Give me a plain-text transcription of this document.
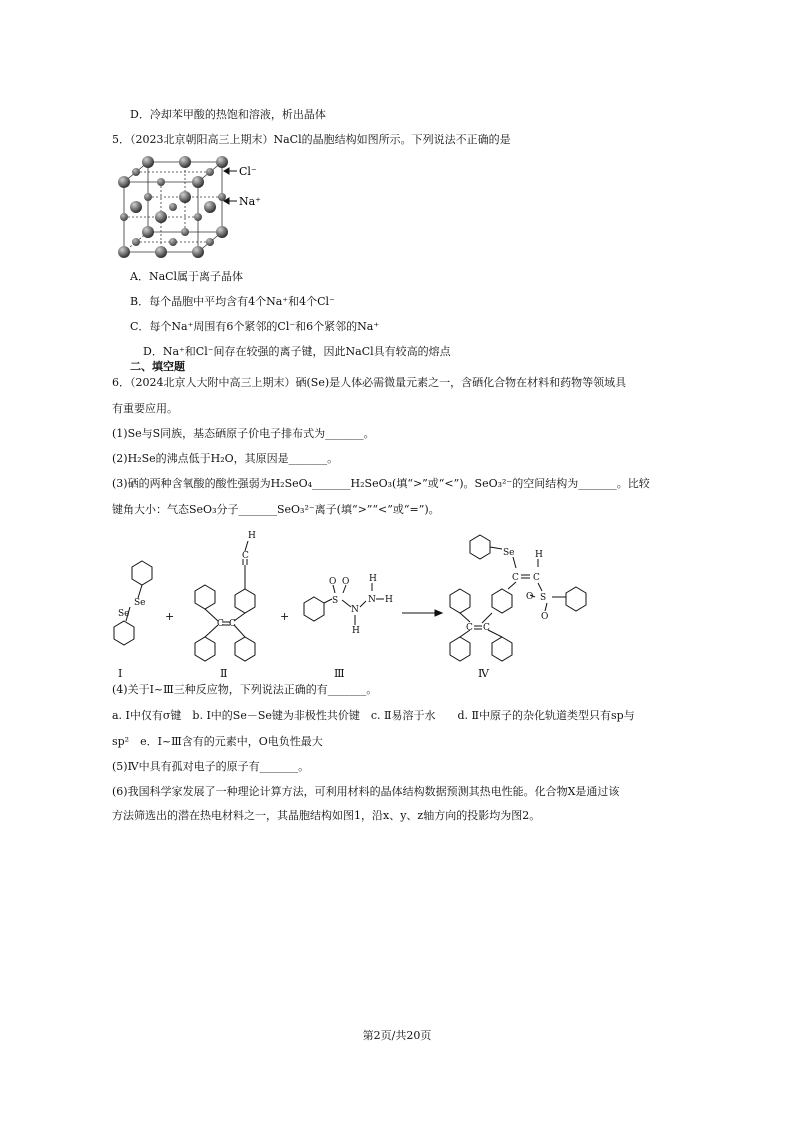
D．冷却苯甲酸的热饱和溶液，析出晶体
5．（2023北京朝阳高三上期末）NaCl的晶胞结构如图所示。下列说法不正确的是
Cl⁻
Na⁺
A．NaCl属于离子晶体
B．每个晶胞中平均含有4个Na⁺和4个Cl⁻
C．每个Na⁺周围有6个紧邻的Cl⁻和6个紧邻的Na⁺
D．Na⁺和Cl⁻间存在较强的离子键，因此NaCl具有较高的熔点
二、填空题
6．（2024北京人大附中高三上期末）硒(Se)是人体必需微量元素之一，含硒化合物在材料和药物等领域具
有重要应用。
(1)Se与S同族，基态硒原子价电子排布式为_______。
(2)H₂Se的沸点低于H₂O，其原因是_______。
(3)硒的两种含氧酸的酸性强弱为H₂SeO₄_______H₂SeO₃(填“>”或“<”)。SeO₃²⁻的空间结构为_______。比较
键角大小：气态SeO₃分子_______SeO₃²⁻离子(填“>”“<”或“=”)。
Se
Se
H
C
C C
S
O O
N
N
H
H
H
Se H
C C
S
O
O
C C
+	+
Ⅰ	Ⅱ	Ⅲ	Ⅳ
(4)关于Ⅰ~Ⅲ三种反应物，下列说法正确的有_______。
a. Ⅰ中仅有σ键　b. Ⅰ中的Se－Se键为非极性共价键　c. Ⅱ易溶于水　　d. Ⅱ中原子的杂化轨道类型只有sp与
sp²　e．Ⅰ~Ⅲ含有的元素中，O电负性最大
(5)Ⅳ中具有孤对电子的原子有_______。
(6)我国科学家发展了一种理论计算方法，可利用材料的晶体结构数据预测其热电性能。化合物X是通过该
方法筛选出的潜在热电材料之一，其晶胞结构如图1，沿x、y、z轴方向的投影均为图2。
第2页/共20页
